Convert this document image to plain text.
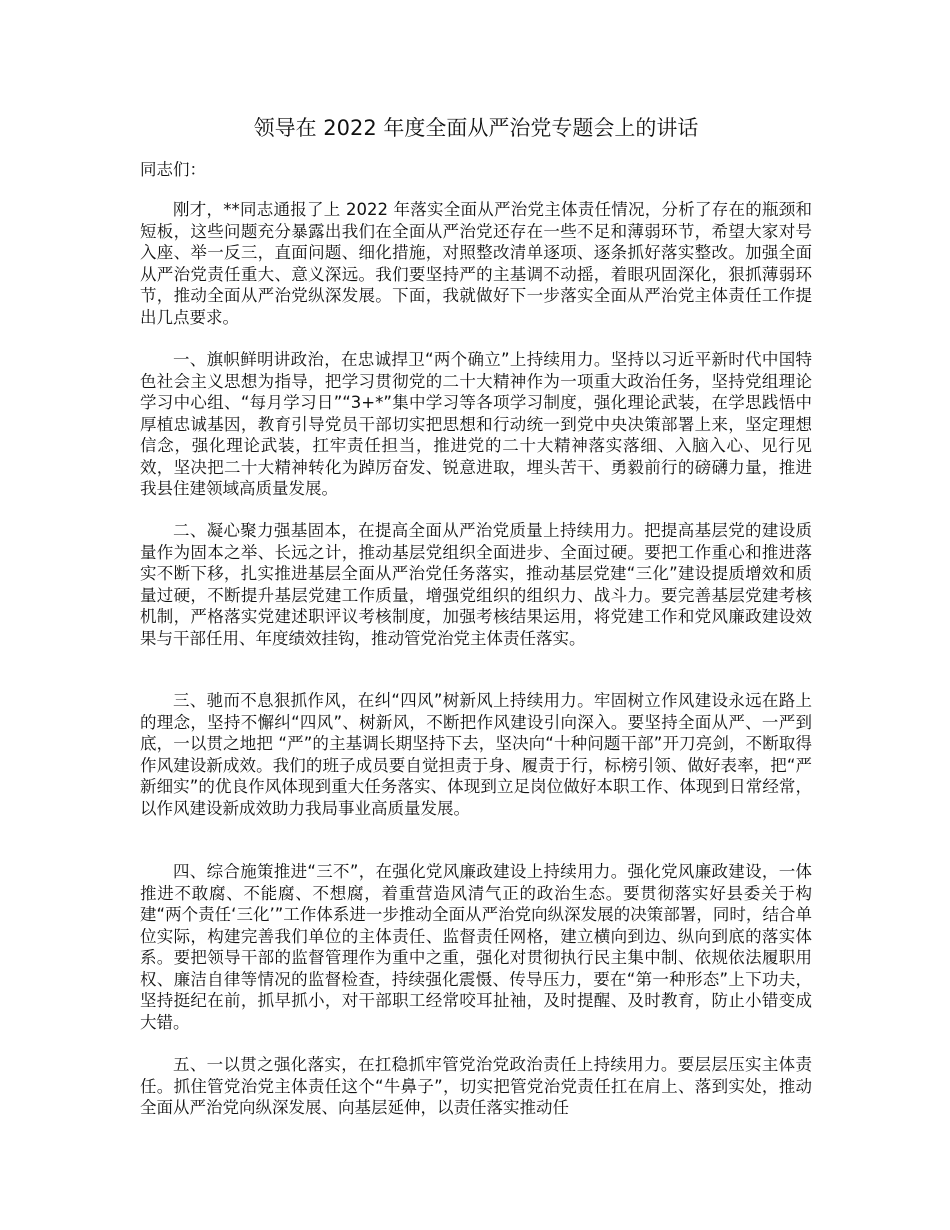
领导在 2022 年度全面从严治党专题会上的讲话

同志们：

刚才，**同志通报了上 2022 年落实全面从严治党主体责任情况，分析了存在的瓶颈和短板，这些问题充分暴露出我们在全面从严治党还存在一些不足和薄弱环节，希望大家对号入座、举一反三，直面问题、细化措施，对照整改清单逐项、逐条抓好落实整改。加强全面从严治党责任重大、意义深远。我们要坚持严的主基调不动摇，着眼巩固深化，狠抓薄弱环节，推动全面从严治党纵深发展。下面，我就做好下一步落实全面从严治党主体责任工作提出几点要求。

一、旗帜鲜明讲政治，在忠诚捍卫“两个确立”上持续用力。坚持以习近平新时代中国特色社会主义思想为指导，把学习贯彻党的二十大精神作为一项重大政治任务，坚持党组理论学习中心组、“每月学习日”“3+*”集中学习等各项学习制度，强化理论武装，在学思践悟中厚植忠诚基因，教育引导党员干部切实把思想和行动统一到党中央决策部署上来，坚定理想信念，强化理论武装，扛牢责任担当，推进党的二十大精神落实落细、入脑入心、见行见效，坚决把二十大精神转化为踔厉奋发、锐意进取，埋头苦干、勇毅前行的磅礴力量，推进我县住建领域高质量发展。

二、凝心聚力强基固本，在提高全面从严治党质量上持续用力。把提高基层党的建设质量作为固本之举、长远之计，推动基层党组织全面进步、全面过硬。要把工作重心和推进落实不断下移，扎实推进基层全面从严治党任务落实，推动基层党建“三化”建设提质增效和质量过硬，不断提升基层党建工作质量，增强党组织的组织力、战斗力。要完善基层党建考核机制，严格落实党建述职评议考核制度，加强考核结果运用，将党建工作和党风廉政建设效果与干部任用、年度绩效挂钩，推动管党治党主体责任落实。

三、驰而不息狠抓作风，在纠“四风”树新风上持续用力。牢固树立作风建设永远在路上的理念，坚持不懈纠“四风”、树新风，不断把作风建设引向深入。要坚持全面从严、一严到底，一以贯之地把 “严”的主基调长期坚持下去，坚决向“十种问题干部”开刀亮剑，不断取得作风建设新成效。我们的班子成员要自觉担责于身、履责于行，标榜引领、做好表率，把“严新细实”的优良作风体现到重大任务落实、体现到立足岗位做好本职工作、体现到日常经常，以作风建设新成效助力我局事业高质量发展。

四、综合施策推进“三不”，在强化党风廉政建设上持续用力。强化党风廉政建设，一体推进不敢腐、不能腐、不想腐，着重营造风清气正的政治生态。要贯彻落实好县委关于构建“两个责任‘三化’”工作体系进一步推动全面从严治党向纵深发展的决策部署，同时，结合单位实际，构建完善我们单位的主体责任、监督责任网格，建立横向到边、纵向到底的落实体系。要把领导干部的监督管理作为重中之重，强化对贯彻执行民主集中制、依规依法履职用权、廉洁自律等情况的监督检查，持续强化震慑、传导压力，要在“第一种形态”上下功夫，坚持挺纪在前，抓早抓小，对干部职工经常咬耳扯袖，及时提醒、及时教育，防止小错变成大错。

五、一以贯之强化落实，在扛稳抓牢管党治党政治责任上持续用力。要层层压实主体责任。抓住管党治党主体责任这个“牛鼻子”，切实把管党治党责任扛在肩上、落到实处，推动全面从严治党向纵深发展、向基层延伸，以责任落实推动任
